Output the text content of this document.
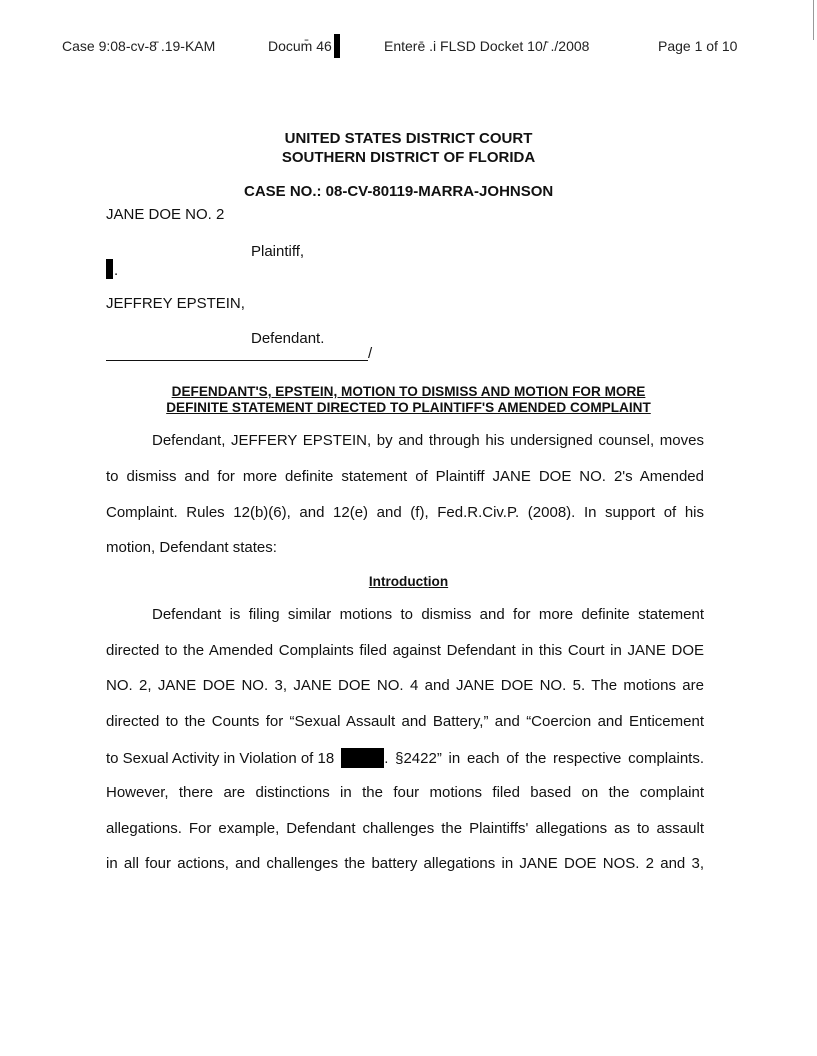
Case 9:08-cv-8̄ .19-KAM	Docum̄ 46	Enterē .i FLSD Docket 10/̄ ./2008	Page 1 of 10
UNITED STATES DISTRICT COURT
SOUTHERN DISTRICT OF FLORIDA
CASE NO.: 08-CV-80119-MARRA-JOHNSON
JANE DOE NO. 2
Plaintiff,
.
JEFFREY EPSTEIN,
Defendant.
/
DEFENDANT'S, EPSTEIN, MOTION TO DISMISS AND MOTION FOR MORE
DEFINITE STATEMENT DIRECTED TO PLAINTIFF'S AMENDED COMPLAINT
Defendant, JEFFERY EPSTEIN, by and through his undersigned counsel, moves
to dismiss and for more definite statement of Plaintiff JANE DOE NO. 2's Amended
Complaint. Rules 12(b)(6), and 12(e) and (f), Fed.R.Civ.P. (2008). In support of his
motion, Defendant states:
Introduction
Defendant is filing similar motions to dismiss and for more definite statement
directed to the Amended Complaints filed against Defendant in this Court in JANE DOE
NO. 2, JANE DOE NO. 3, JANE DOE NO. 4 and JANE DOE NO. 5. The motions are
directed to the Counts for “Sexual Assault and Battery,” and “Coercion and Enticement
to Sexual Activity in Violation of 18	. §2422” in each of the respective complaints.
However, there are distinctions in the four motions filed based on the complaint
allegations. For example, Defendant challenges the Plaintiffs' allegations as to assault
in all four actions, and challenges the battery allegations in JANE DOE NOS. 2 and 3,
